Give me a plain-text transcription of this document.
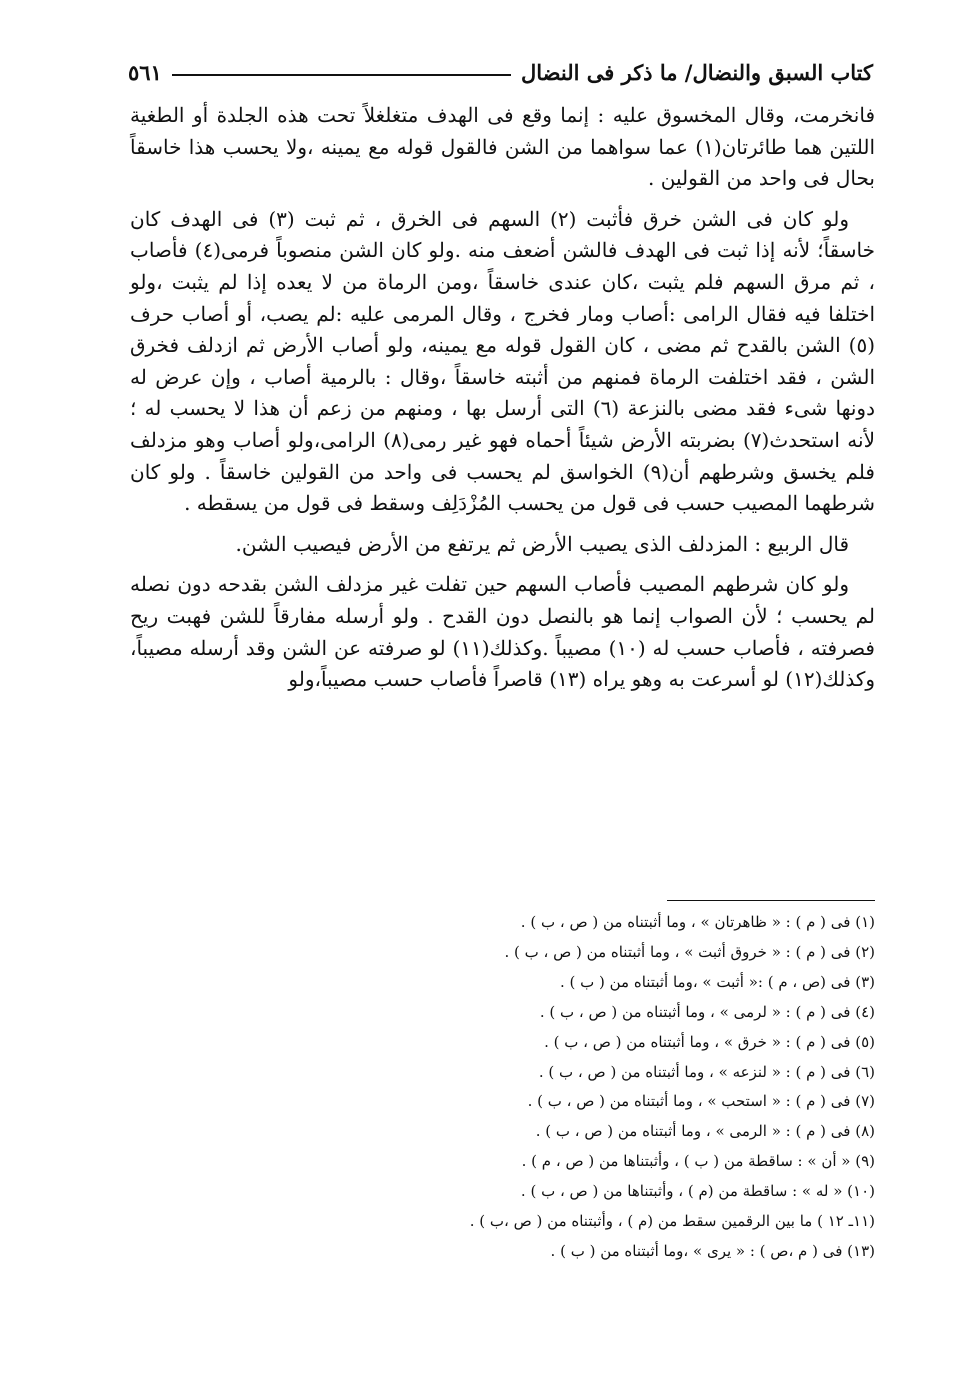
كتاب السبق والنضال/ ما ذكر فى النضال
٥٦١

فانخرمت، وقال المخسوق عليه : إنما وقع فى الهدف متغلغلاً تحت هذه الجلدة أو الطغية اللتين هما طائرتان(١) عما سواهما من الشن فالقول قوله مع يمينه ،ولا يحسب هذا خاسقاً بحال فى واحد من القولين .

ولو كان فى الشن خرق فأثبت (٢) السهم فى الخرق ، ثم ثبت (٣) فى الهدف كان خاسقاً؛ لأنه إذا ثبت فى الهدف فالشن أضعف منه .ولو كان الشن منصوباً فرمى(٤) فأصاب ، ثم مرق السهم فلم يثبت ،كان عندى خاسقاً ،ومن الرماة من لا يعده إذا لم يثبت ،ولو اختلفا فيه فقال الرامى :أصاب ومار فخرج ، وقال المرمى عليه :لم يصب، أو أصاب حرف (٥) الشن بالقدح ثم مضى ، كان القول قوله مع يمينه، ولو أصاب الأرض ثم ازدلف فخرق الشن ، فقد اختلفت الرماة فمنهم من أثبته خاسقاً ،وقال : بالرمية أصاب ، وإن عرض له دونها شىء فقد مضى بالنزعة (٦) التى أرسل بها ، ومنهم من زعم أن هذا لا يحسب له ؛ لأنه استحدث(٧) بضربته الأرض شيئاً أحماه فهو غير رمى(٨) الرامى،ولو أصاب وهو مزدلف فلم يخسق وشرطهم أن(٩) الخواسق لم يحسب فى واحد من القولين خاسقاً . ولو كان شرطهما المصيب حسب فى قول من يحسب المُزْدَلِف وسقط فى قول من يسقطه .

قال الربيع : المزدلف الذى يصيب الأرض ثم يرتفع من الأرض فيصيب الشن.

ولو كان شرطهم المصيب فأصاب السهم حين تفلت غير مزدلف الشن بقدحه دون نصله لم يحسب ؛ لأن الصواب إنما هو بالنصل دون القدح . ولو أرسله مفارقاً للشن فهبت ريح فصرفته ، فأصاب حسب له (١٠) مصيباً .وكذلك(١١) لو صرفته عن الشن وقد أرسله مصيباً، وكذلك(١٢) لو أسرعت به وهو يراه (١٣) قاصراً فأصاب حسب مصيباً،ولو

(١) فى ( م ) : « ظاهرتان » ، وما أثبتناه من ( ص ، ب ) .
(٢) فى ( م ) : « خروق أثبت » ، وما أثبتناه من ( ص ، ب ) .
(٣) فى (ص ، م ) :« أثبت » ،وما أثبتناه من ( ب ) .
(٤) فى ( م ) : « لرمى » ، وما أثبتناه من ( ص ، ب ) .
(٥) فى ( م ) : « خرق » ، وما أثبتناه من ( ص ، ب ) .
(٦) فى ( م ) : « لنزعه » ، وما أثبتناه من ( ص ، ب ) .
(٧) فى ( م ) : « استحب » ، وما أثبتناه من ( ص ، ب ) .
(٨) فى ( م ) : « الرمى » ، وما أثبتناه من ( ص ، ب ) .
(٩) « أن » : ساقطة من ( ب ) ، وأثبتناها من ( ص ، م ) .
(١٠) « له » : ساقطة من (م ) ، وأثبتناها من ( ص ، ب ) .
(١١ـ ١٢ ) ما بين الرقمين سقط من (م ) ، وأثبتناه من ( ص ،ب ) .
(١٣) فى ( م ،ص ) : « يرى » ،وما أثبتناه من ( ب ) .
